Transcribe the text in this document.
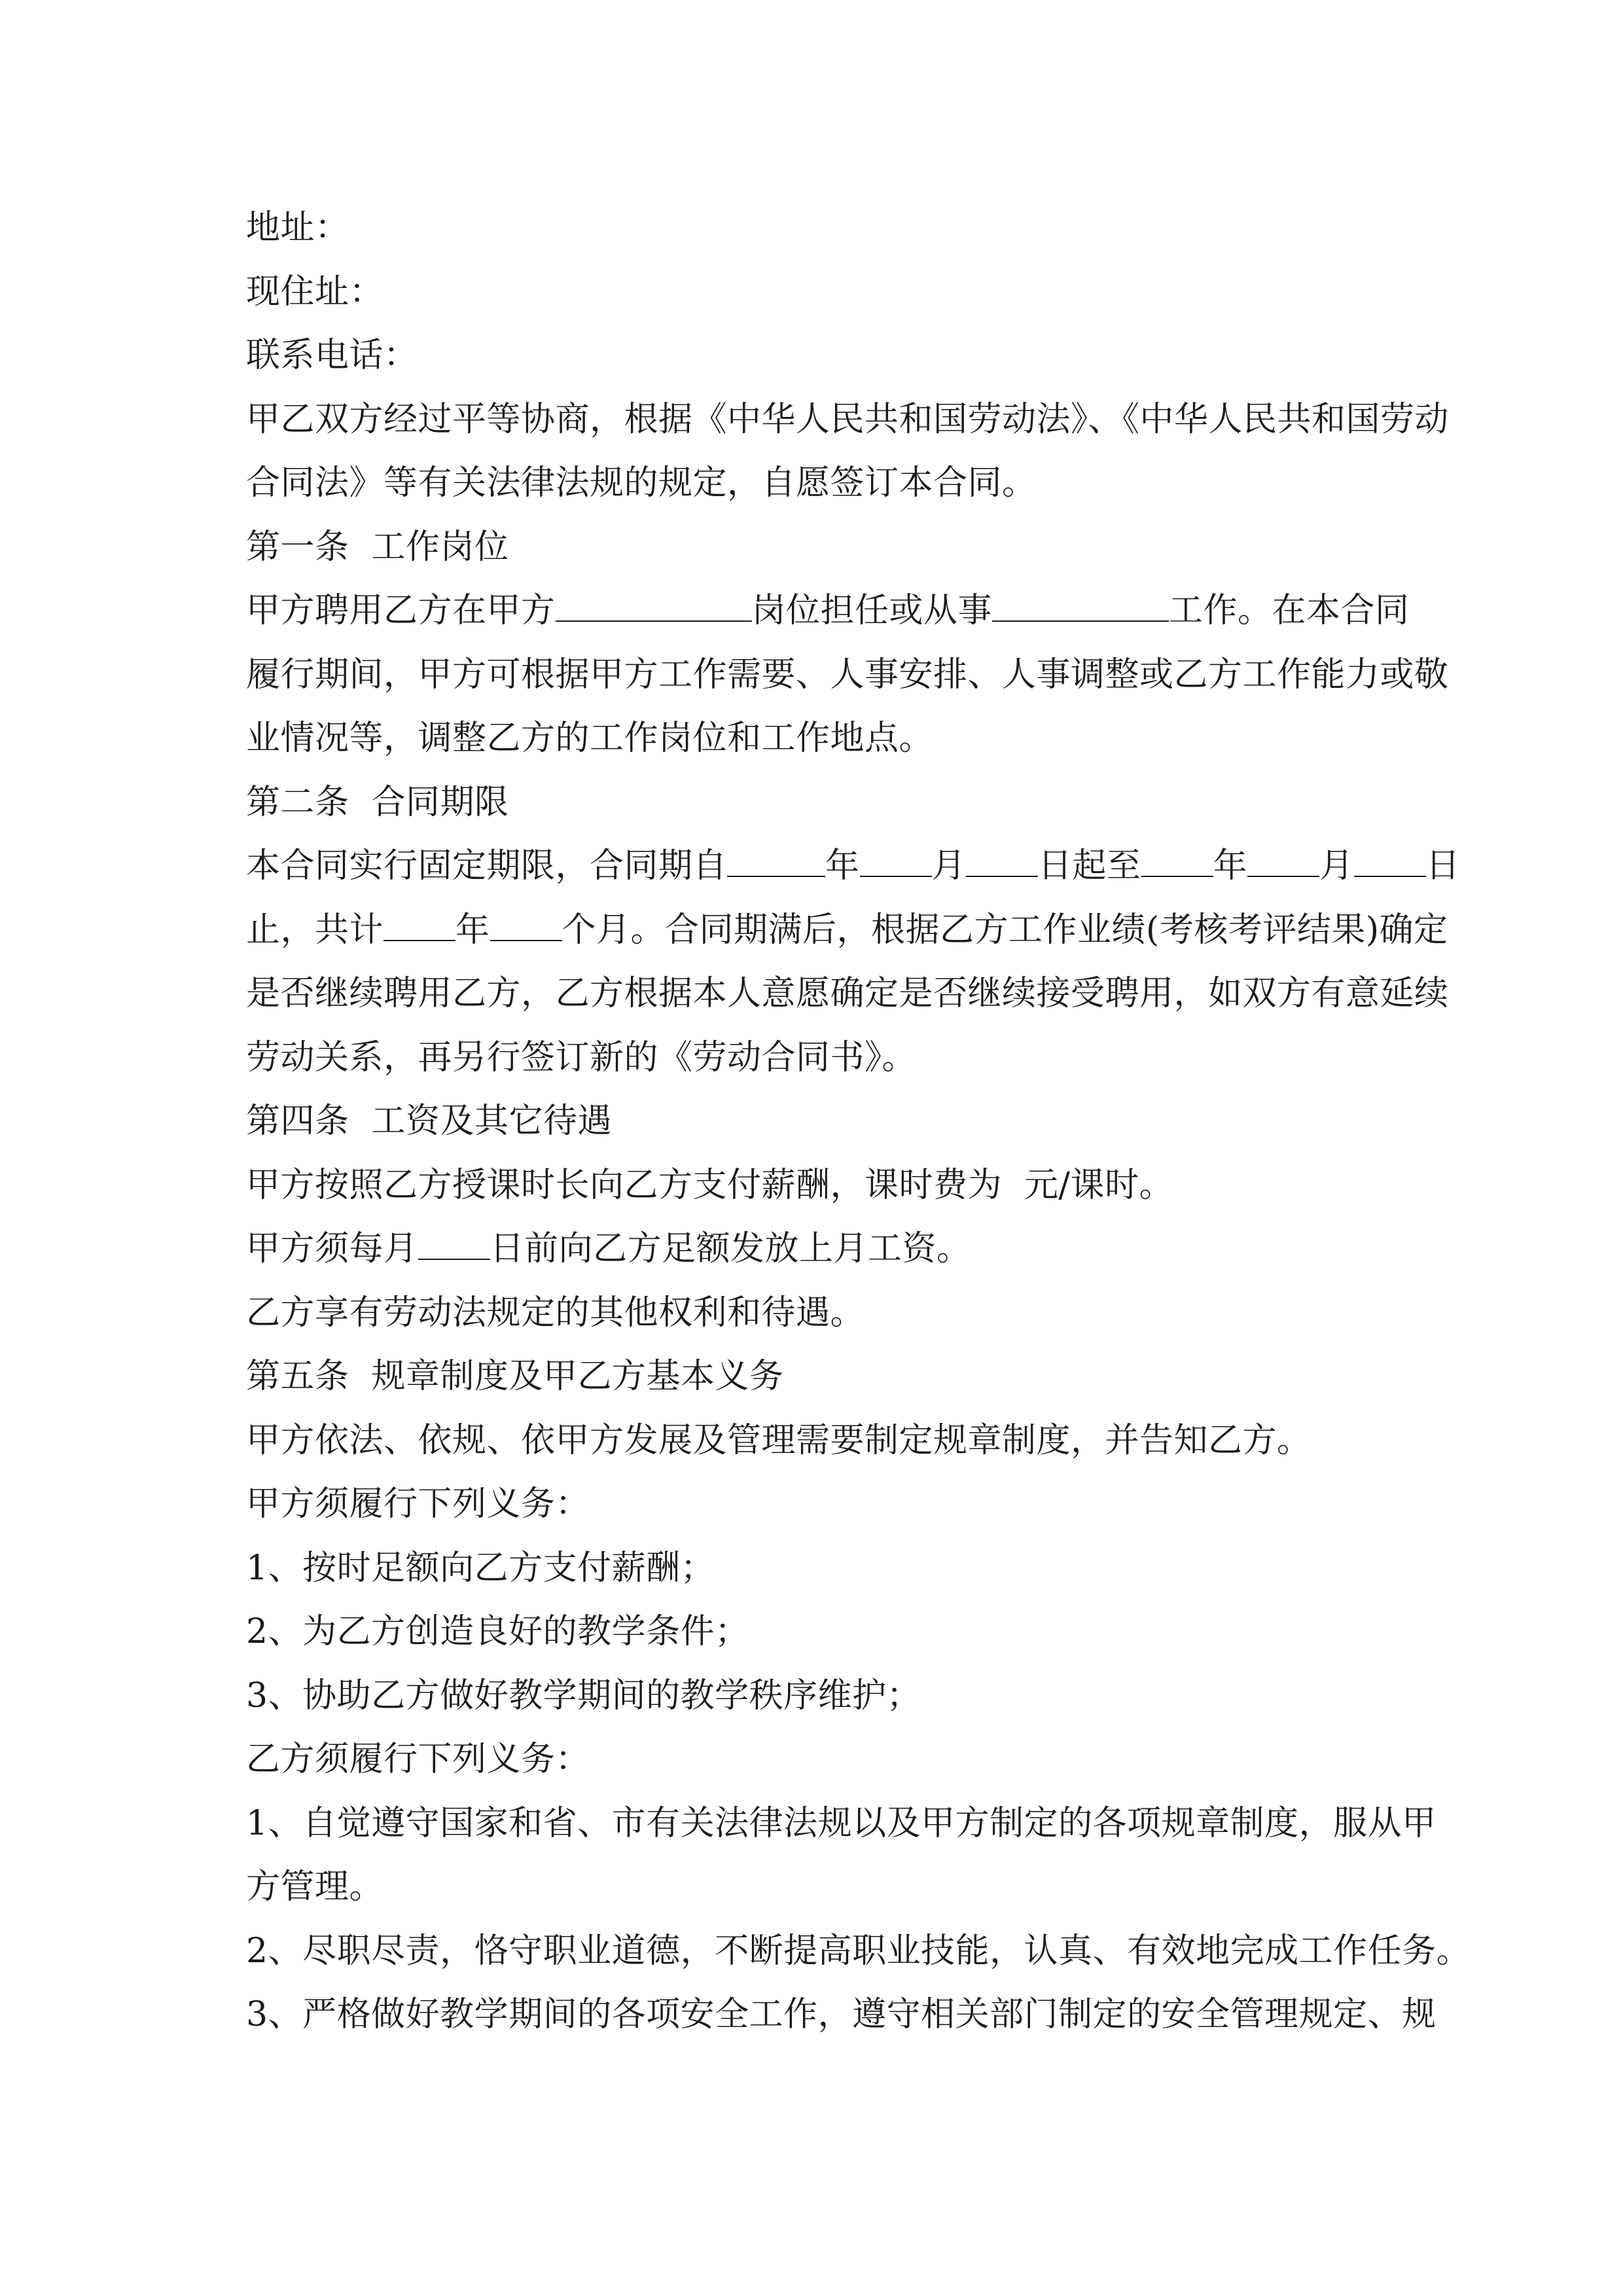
地址：
现住址：
联系电话：
甲乙双方经过平等协商，根据《中华人民共和国劳动法》、《中华人民共和国劳动
合同法》等有关法律法规的规定，自愿签订本合同。
第一条  工作岗位
甲方聘用乙方在甲方	岗位担任或从事	工作。在本合同
履行期间，甲方可根据甲方工作需要、人事安排、人事调整或乙方工作能力或敬
业情况等，调整乙方的工作岗位和工作地点。
第二条  合同期限
本合同实行固定期限，合同期自	年 月 日起至 年 月 日
止，共计 年 个月。合同期满后，根据乙方工作业绩(考核考评结果)确定
是否继续聘用乙方，乙方根据本人意愿确定是否继续接受聘用，如双方有意延续
劳动关系，再另行签订新的《劳动合同书》。
第四条  工资及其它待遇
甲方按照乙方授课时长向乙方支付薪酬，课时费为  元/课时。
甲方须每月 日前向乙方足额发放上月工资。
乙方享有劳动法规定的其他权利和待遇。
第五条  规章制度及甲乙方基本义务
甲方依法、依规、依甲方发展及管理需要制定规章制度，并告知乙方。
甲方须履行下列义务：
1、按时足额向乙方支付薪酬；
2、为乙方创造良好的教学条件；
3、协助乙方做好教学期间的教学秩序维护；
乙方须履行下列义务：
1、自觉遵守国家和省、市有关法律法规以及甲方制定的各项规章制度，服从甲
方管理。
2、尽职尽责，恪守职业道德，不断提高职业技能，认真、有效地完成工作任务。
3、严格做好教学期间的各项安全工作，遵守相关部门制定的安全管理规定、规
